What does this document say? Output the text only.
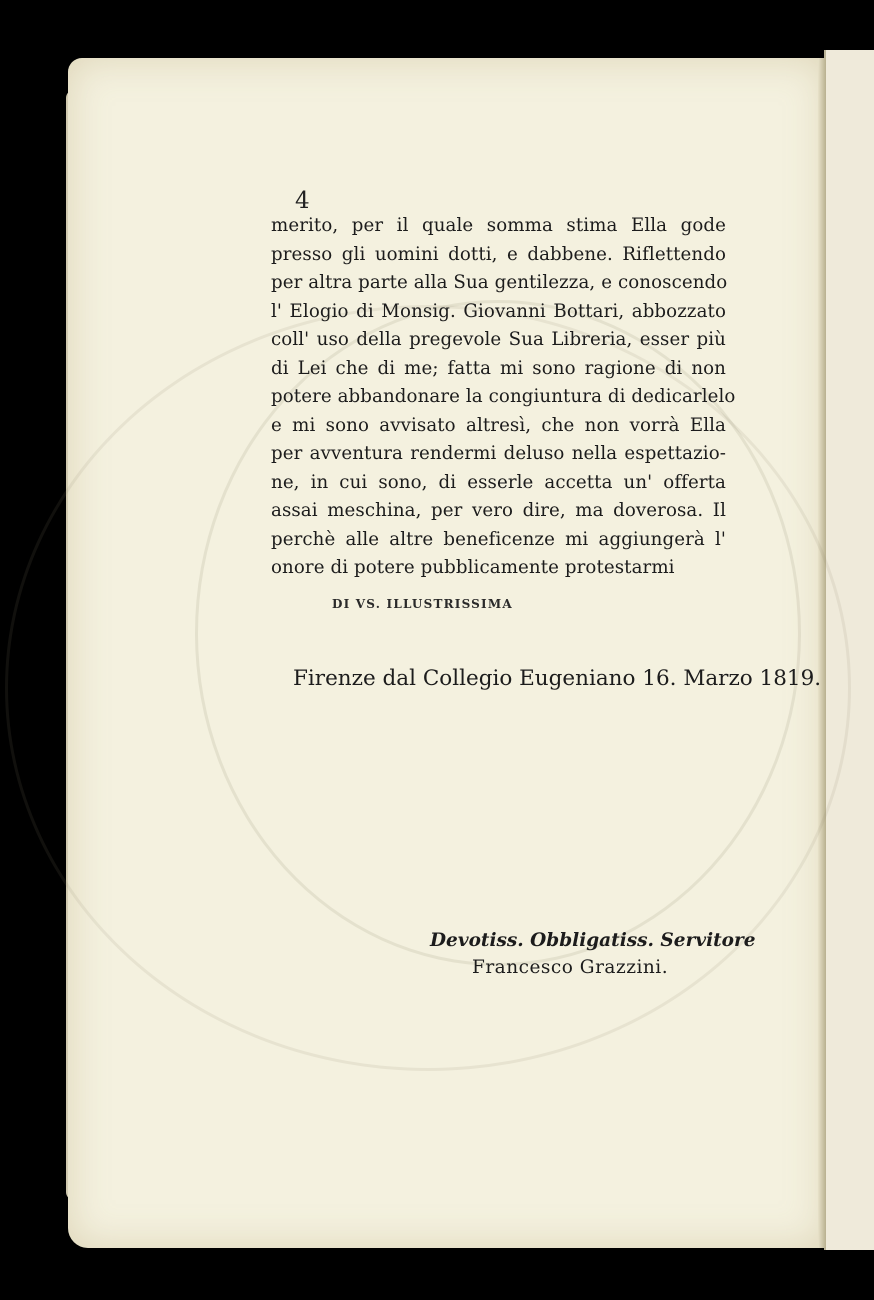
4
merito, per il quale somma stima Ella gode
presso gli uomini dotti, e dabbene. Riflettendo
per altra parte alla Sua gentilezza, e conoscendo
l' Elogio di Monsig. Giovanni Bottari, abbozzato
coll' uso della pregevole Sua Libreria, esser più
di Lei che di me; fatta mi sono ragione di non
potere abbandonare la congiuntura di dedicarlelo
e mi sono avvisato altresì, che non vorrà Ella
per avventura rendermi deluso nella espettazio-
ne, in cui sono, di esserle accetta un' offerta
assai meschina, per vero dire, ma doverosa. Il
perchè alle altre beneficenze mi aggiungerà l'
onore di potere pubblicamente protestarmi
DI VS. ILLUSTRISSIMA
Firenze dal Collegio Eugeniano 16. Marzo 1819.
Devotiss. Obbligatiss. Servitore
Francesco Grazzini.
